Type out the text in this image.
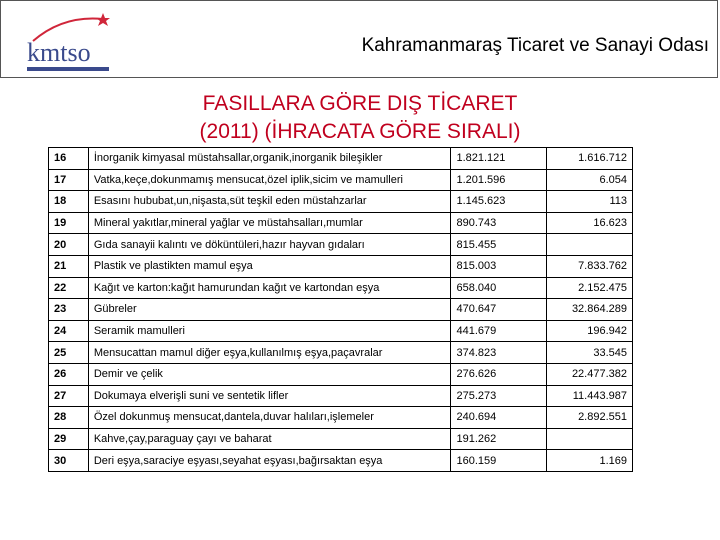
kmtso	Kahramanmaraş Ticaret ve Sanayi Odası
FASILLARA GÖRE DIŞ TİCARET
(2011) (İHRACATA GÖRE SIRALI)
16	İnorganik kimyasal müstahsallar,organik,inorganik bileşikler	1.821.121	1.616.712
17	Vatka,keçe,dokunmamış mensucat,özel iplik,sicim ve mamulleri	1.201.596	6.054
18	Esasını hububat,un,nişasta,süt teşkil eden müstahzarlar	1.145.623	113
19	Mineral yakıtlar,mineral yağlar ve müstahsalları,mumlar	890.743	16.623
20	Gıda sanayii kalıntı ve döküntüleri,hazır hayvan gıdaları	815.455	
21	Plastik ve plastikten mamul eşya	815.003	7.833.762
22	Kağıt ve karton:kağıt hamurundan kağıt ve kartondan eşya	658.040	2.152.475
23	Gübreler	470.647	32.864.289
24	Seramik mamulleri	441.679	196.942
25	Mensucattan mamul diğer eşya,kullanılmış eşya,paçavralar	374.823	33.545
26	Demir ve çelik	276.626	22.477.382
27	Dokumaya elverişli suni ve sentetik lifler	275.273	11.443.987
28	Özel dokunmuş mensucat,dantela,duvar halıları,işlemeler	240.694	2.892.551
29	Kahve,çay,paraguay çayı ve baharat	191.262	
30	Deri eşya,saraciye eşyası,seyahat eşyası,bağırsaktan eşya	160.159	1.169
